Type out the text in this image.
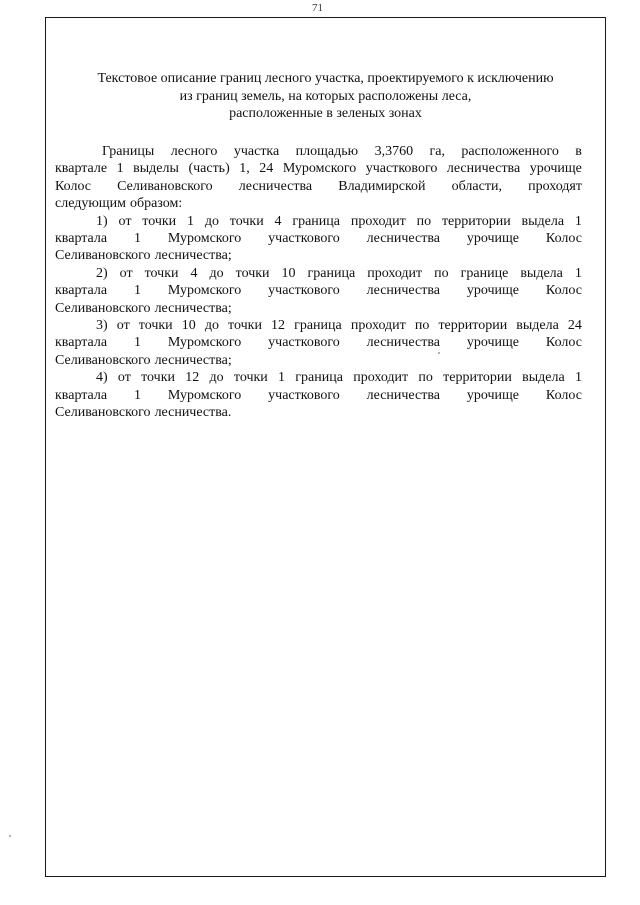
71
Текстовое описание границ лесного участка, проектируемого к исключению
из границ земель, на которых расположены леса,
расположенные в зеленых зонах
Границы лесного участка площадью 3,3760 га, расположенного в
квартале 1 выделы (часть) 1, 24 Муромского участкового лесничества урочище
Колос Селивановского лесничества Владимирской области, проходят
следующим образом:
1) от точки 1 до точки 4 граница проходит по территории выдела 1
квартала 1 Муромского участкового лесничества урочище Колос
Селивановского лесничества;
2) от точки 4 до точки 10 граница проходит по границе выдела 1
квартала 1 Муромского участкового лесничества урочище Колос
Селивановского лесничества;
3) от точки 10 до точки 12 граница проходит по территории выдела 24
квартала 1 Муромского участкового лесничества урочище Колос
Селивановского лесничества;
4) от точки 12 до точки 1 граница проходит по территории выдела 1
квартала 1 Муромского участкового лесничества урочище Колос
Селивановского лесничества.
